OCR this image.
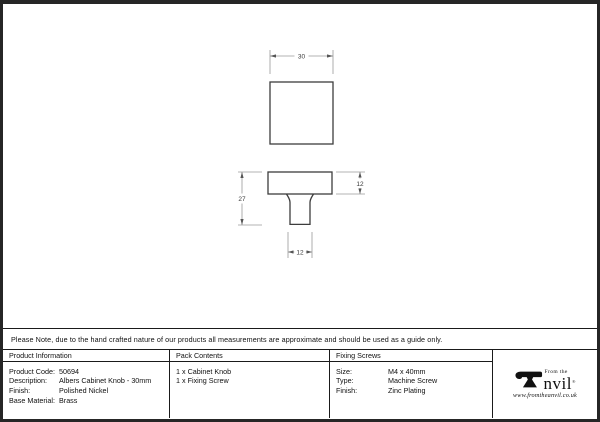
30
27
12
12
Please Note, due to the hand crafted nature of our products all measurements are approximate and should be used as a guide only.
Product Information
Product Code: 50694
Description:	Albers Cabinet Knob - 30mm
Finish:	Polished Nickel
Base Material: Brass
Pack Contents
1 x Cabinet Knob
1 x Fixing Screw
Fixing Screws
Size:	M4 x 40mm
Type:	Machine Screw
Finish:	Zinc Plating
From the
nvil®
www.fromtheanvil.co.uk
